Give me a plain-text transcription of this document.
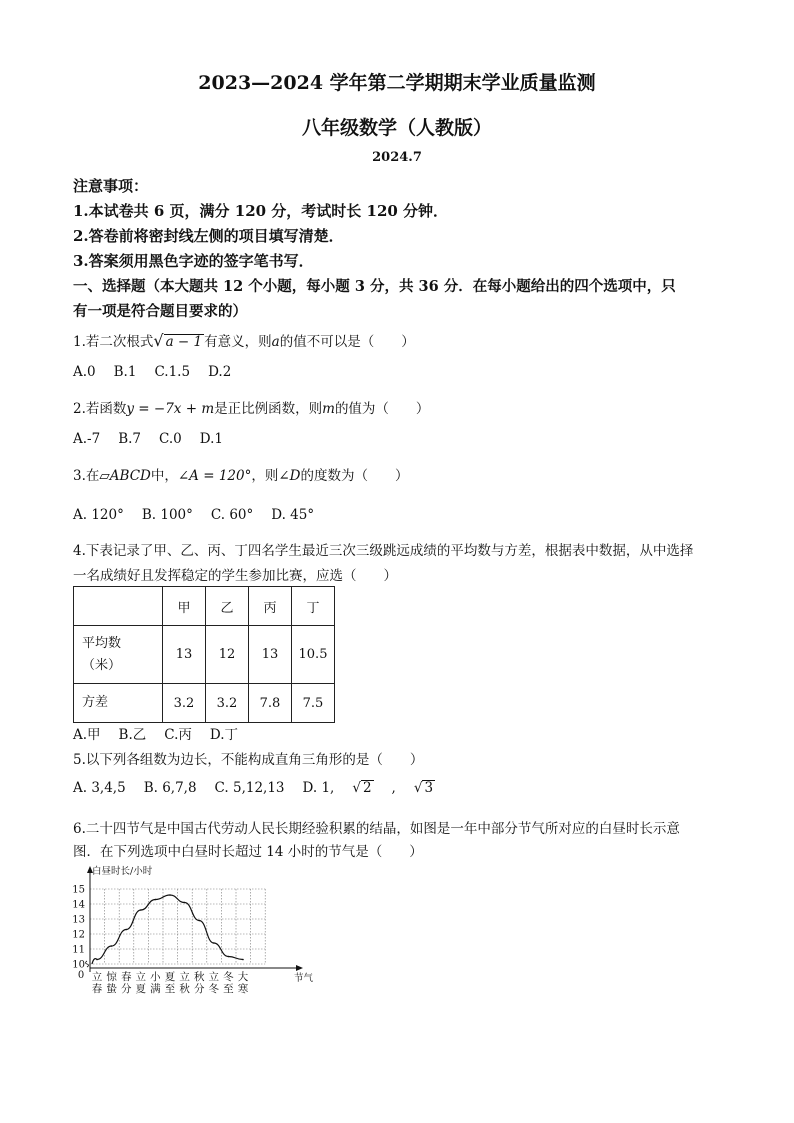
2023—2024 学年第二学期期末学业质量监测
八年级数学（人教版）
2024.7
注意事项：
1.本试卷共 6 页，满分 120 分，考试时长 120 分钟．
2.答卷前将密封线左侧的项目填写清楚．
3.答案须用黑色字迹的签字笔书写．
一、选择题（本大题共 12 个小题，每小题 3 分，共 36 分．在每小题给出的四个选项中，只
有一项是符合题目要求的）
1.若二次根式√ a − 1 有意义，则a的值不可以是（　　）
A.0 B.1 C.1.5 D.2
2.若函数y = −7x + m是正比例函数，则m的值为（　　）
A.-7 B.7 C.0 D.1
3.在▱ABCD中，∠A = 120°，则∠D的度数为（　　）
A. 120° B. 100° C. 60° D. 45°
4.下表记录了甲、乙、丙、丁四名学生最近三次三级跳远成绩的平均数与方差，根据表中数据，从中选择
一名成绩好且发挥稳定的学生参加比赛，应选（　　）
	甲	乙	丙	丁
平均数
（米）	13	12	13	10.5
方差	3.2	3.2	7.8	7.5
A.甲 B.乙 C.丙 D.丁
5.以下列各组数为边长，不能构成直角三角形的是（　　）
A. 3,4,5 B. 6,7,8 C. 5,12,13 D. 1, √ 2 , √ 3
6.二十四节气是中国古代劳动人民长期经验积累的结晶，如图是一年中部分节气所对应的白昼时长示意
图．在下列选项中白昼时长超过 14 小时的节气是（　　）
10
11
12
13
14
15
0
白昼时长/小时
节气
立
春
惊
蛰
春
分
立
夏
小
满
夏
至
立
秋
秋
分
立
冬
冬
至
大
寒
